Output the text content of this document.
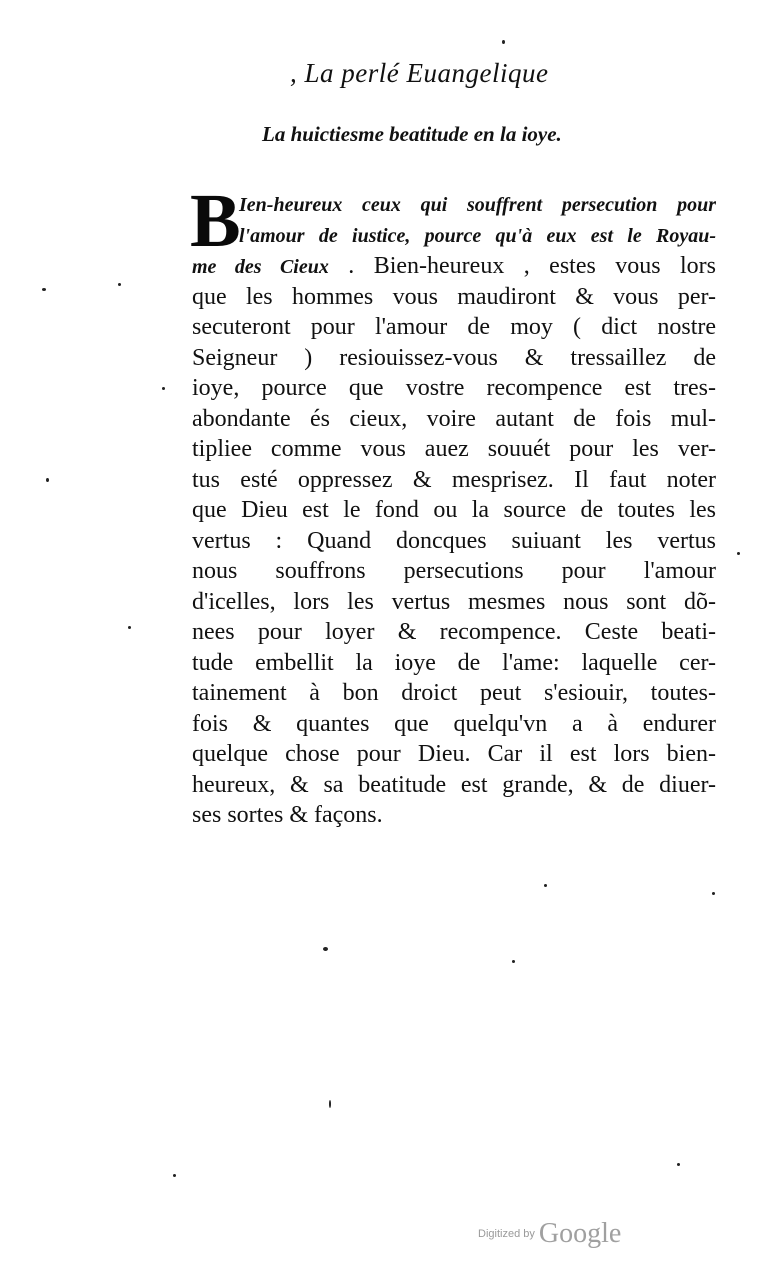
, La perlé Euangelique
La huictiesme beatitude en la ioye.
B
Ien-heureux ceux qui souffrent persecution pour
l'amour de iustice, pource qu'à eux est le Royau-
me des Cieux . Bien-heureux , estes vous lors
que les hommes vous maudiront & vous per-
secuteront pour l'amour de moy ( dict nostre
Seigneur ) resiouissez-vous & tressaillez de
ioye, pource que vostre recompence est tres-
abondante és cieux, voire autant de fois mul-
tipliee comme vous auez souuét pour les ver-
tus esté oppressez & mesprisez. Il faut noter
que Dieu est le fond ou la source de toutes les
vertus : Quand doncques suiuant les vertus
nous souffrons persecutions pour l'amour
d'icelles, lors les vertus mesmes nous sont dõ-
nees pour loyer & recompence. Ceste beati-
tude embellit la ioye de l'ame: laquelle cer-
tainement à bon droict peut s'esiouir, toutes-
fois & quantes que quelqu'vn a à endurer
quelque chose pour Dieu. Car il est lors bien-
heureux, & sa beatitude est grande, & de diuer-
ses sortes & façons.
Digitized by Google
